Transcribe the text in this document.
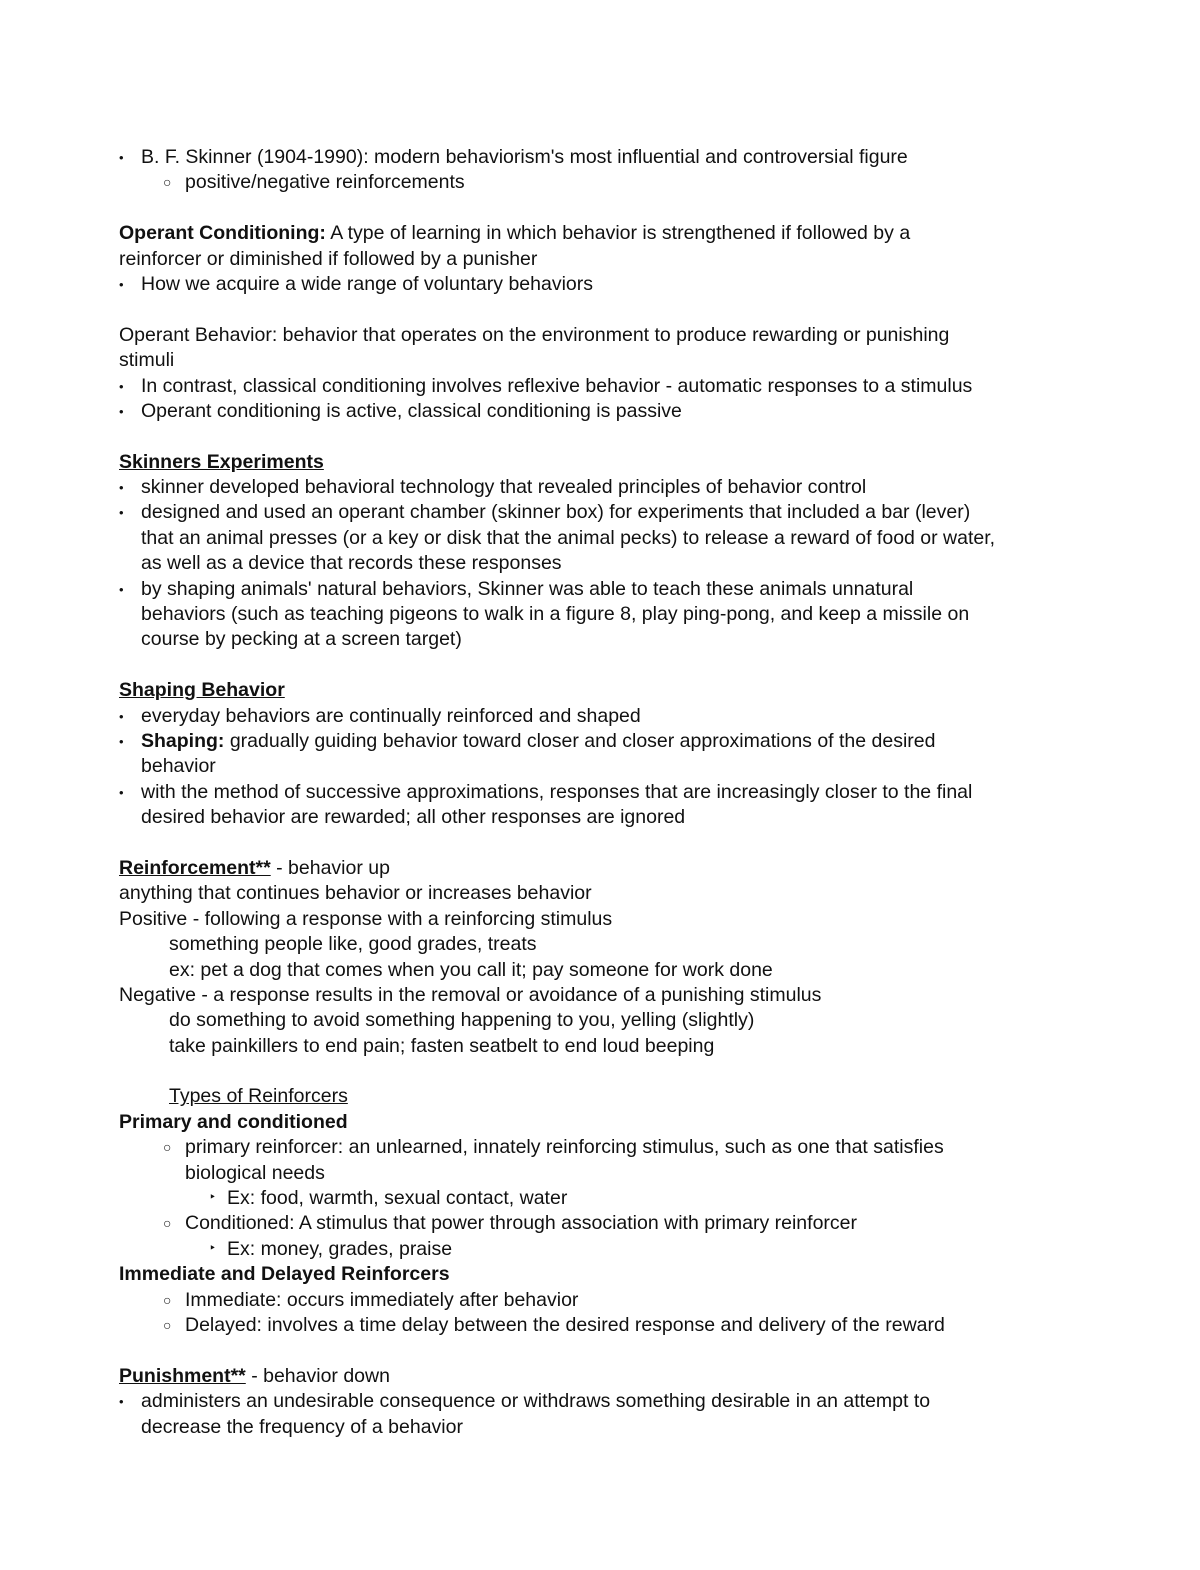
• B. F. Skinner (1904-1990): modern behaviorism's most influential and controversial figure
○ positive/negative reinforcements
Operant Conditioning: A type of learning in which behavior is strengthened if followed by a
reinforcer or diminished if followed by a punisher
• How we acquire a wide range of voluntary behaviors
Operant Behavior: behavior that operates on the environment to produce rewarding or punishing
stimuli
• In contrast, classical conditioning involves reflexive behavior - automatic responses to a stimulus
• Operant conditioning is active, classical conditioning is passive
Skinners Experiments
• skinner developed behavioral technology that revealed principles of behavior control
• designed and used an operant chamber (skinner box) for experiments that included a bar (lever)
that an animal presses (or a key or disk that the animal pecks) to release a reward of food or water,
as well as a device that records these responses
• by shaping animals' natural behaviors, Skinner was able to teach these animals unnatural
behaviors (such as teaching pigeons to walk in a figure 8, play ping-pong, and keep a missile on
course by pecking at a screen target)
Shaping Behavior
• everyday behaviors are continually reinforced and shaped
• Shaping: gradually guiding behavior toward closer and closer approximations of the desired
behavior
• with the method of successive approximations, responses that are increasingly closer to the final
desired behavior are rewarded; all other responses are ignored
Reinforcement** - behavior up
anything that continues behavior or increases behavior
Positive - following a response with a reinforcing stimulus
something people like, good grades, treats
ex: pet a dog that comes when you call it; pay someone for work done
Negative - a response results in the removal or avoidance of a punishing stimulus
do something to avoid something happening to you, yelling (slightly)
take painkillers to end pain; fasten seatbelt to end loud beeping
Types of Reinforcers
Primary and conditioned
○ primary reinforcer: an unlearned, innately reinforcing stimulus, such as one that satisfies
biological needs
‣ Ex: food, warmth, sexual contact, water
○ Conditioned: A stimulus that power through association with primary reinforcer
‣ Ex: money, grades, praise
Immediate and Delayed Reinforcers
○ Immediate: occurs immediately after behavior
○ Delayed: involves a time delay between the desired response and delivery of the reward
Punishment** - behavior down
• administers an undesirable consequence or withdraws something desirable in an attempt to
decrease the frequency of a behavior
